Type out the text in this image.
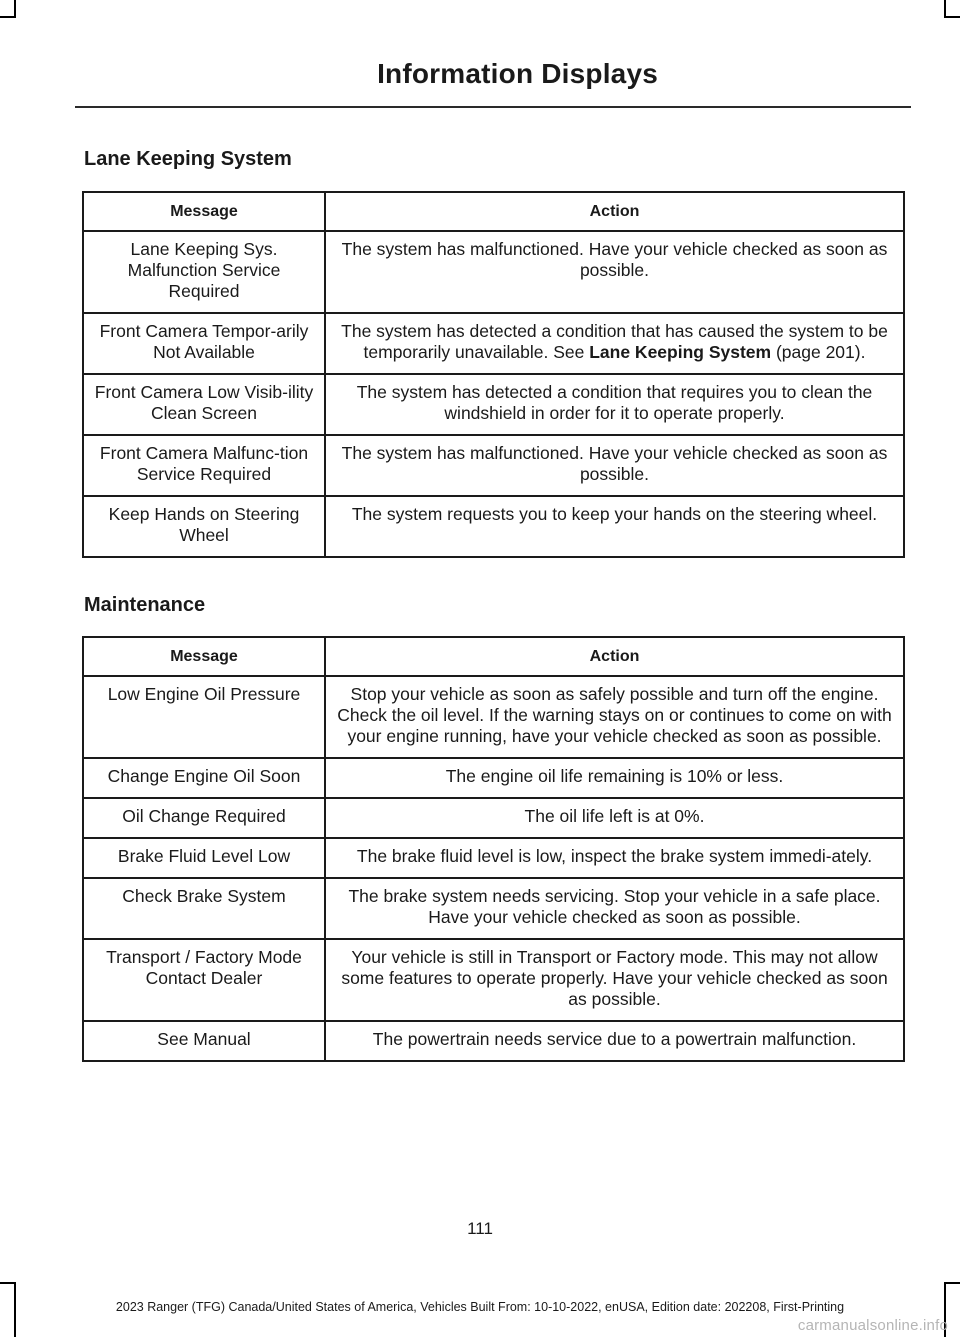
Information Displays
Lane Keeping System
Message	Action
Lane Keeping Sys. Malfunction Service Required	The system has malfunctioned. Have your vehicle checked as soon as possible.
Front Camera Tempor-arily Not Available	The system has detected a condition that has caused the system to be temporarily unavailable. See Lane Keeping System (page 201).
Front Camera Low Visib-ility Clean Screen	The system has detected a condition that requires you to clean the windshield in order for it to operate properly.
Front Camera Malfunc-tion Service Required	The system has malfunctioned. Have your vehicle checked as soon as possible.
Keep Hands on Steering Wheel	The system requests you to keep your hands on the steering wheel.
Maintenance
Message	Action
Low Engine Oil Pressure	Stop your vehicle as soon as safely possible and turn off the engine. Check the oil level. If the warning stays on or continues to come on with your engine running, have your vehicle checked as soon as possible.
Change Engine Oil Soon	The engine oil life remaining is 10% or less.
Oil Change Required	The oil life left is at 0%.
Brake Fluid Level Low	The brake fluid level is low, inspect the brake system immedi-ately.
Check Brake System	The brake system needs servicing. Stop your vehicle in a safe place. Have your vehicle checked as soon as possible.
Transport / Factory Mode Contact Dealer	Your vehicle is still in Transport or Factory mode. This may not allow some features to operate properly. Have your vehicle checked as soon as possible.
See Manual	The powertrain needs service due to a powertrain malfunction.
111
2023 Ranger (TFG) Canada/United States of America, Vehicles Built From: 10-10-2022, enUSA, Edition date: 202208, First-Printing
carmanualsonline.info
